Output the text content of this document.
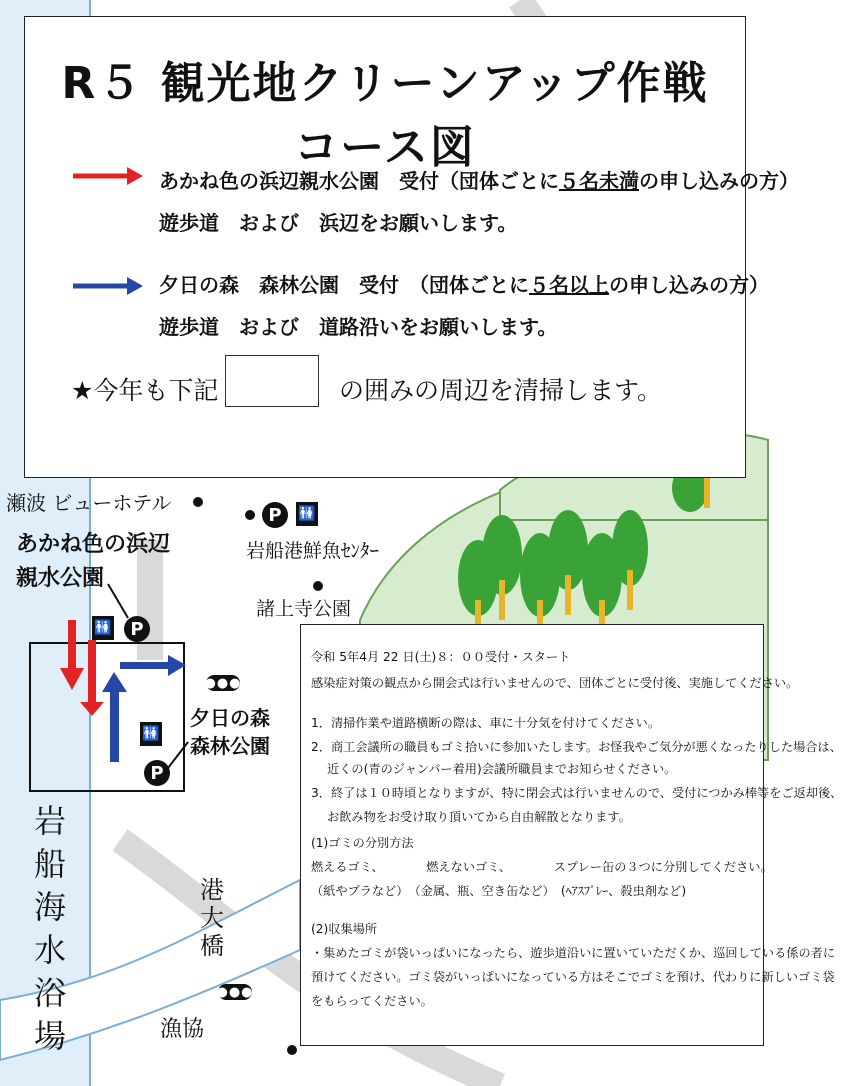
R５ 観光地クリーンアップ作戦　コース図
あかね色の浜辺親水公園　受付（団体ごとに５名未満の申し込みの方）
遊歩道　および　浜辺をお願いします。
夕日の森　森林公園　受付　（団体ごとに５名以上の申し込みの方）
遊歩道　および　道路沿いをお願いします。
★今年も下記	の囲みの周辺を清掃します。
瀬波 ビューホテル	P	🚻
岩船港鮮魚ｾﾝﾀｰ
諸上寺公園
あかね色の浜辺
親水公園
🚻	P
●●●
夕日の森
森林公園
🚻
P
岩船海水浴場
港大橋
●●●
漁協
令和 5年4月 22 日(土)８：００受付・スタート
感染症対策の観点から開会式は行いませんので、団体ごとに受付後、実施してください。
1．清掃作業や道路横断の際は、車に十分気を付けてください。
2．商工会議所の職員もゴミ拾いに参加いたします。お怪我やご気分が悪くなったりした場合は、
　 近くの(青のジャンパー着用)会議所職員までお知らせください。
3．終了は１０時頃となりますが、特に閉会式は行いませんので、受付につかみ棒等をご返却後、
　 お飲み物をお受け取り頂いてから自由解散となります。
(1)ゴミの分別方法
燃えるゴミ、　　　　燃えないゴミ、　　　　スプレー缶の３つに分別してください。
（紙やプラなど）　（金属、瓶、空き缶など）　(ﾍｱｽﾌﾟﾚｰ、殺虫剤など)
(2)収集場所
・集めたゴミが袋いっぱいになったら、遊歩道沿いに置いていただくか、巡回している係の者に
預けてください。ゴミ袋がいっぱいになっている方はそこでゴミを預け、代わりに新しいゴミ袋
をもらってください。
